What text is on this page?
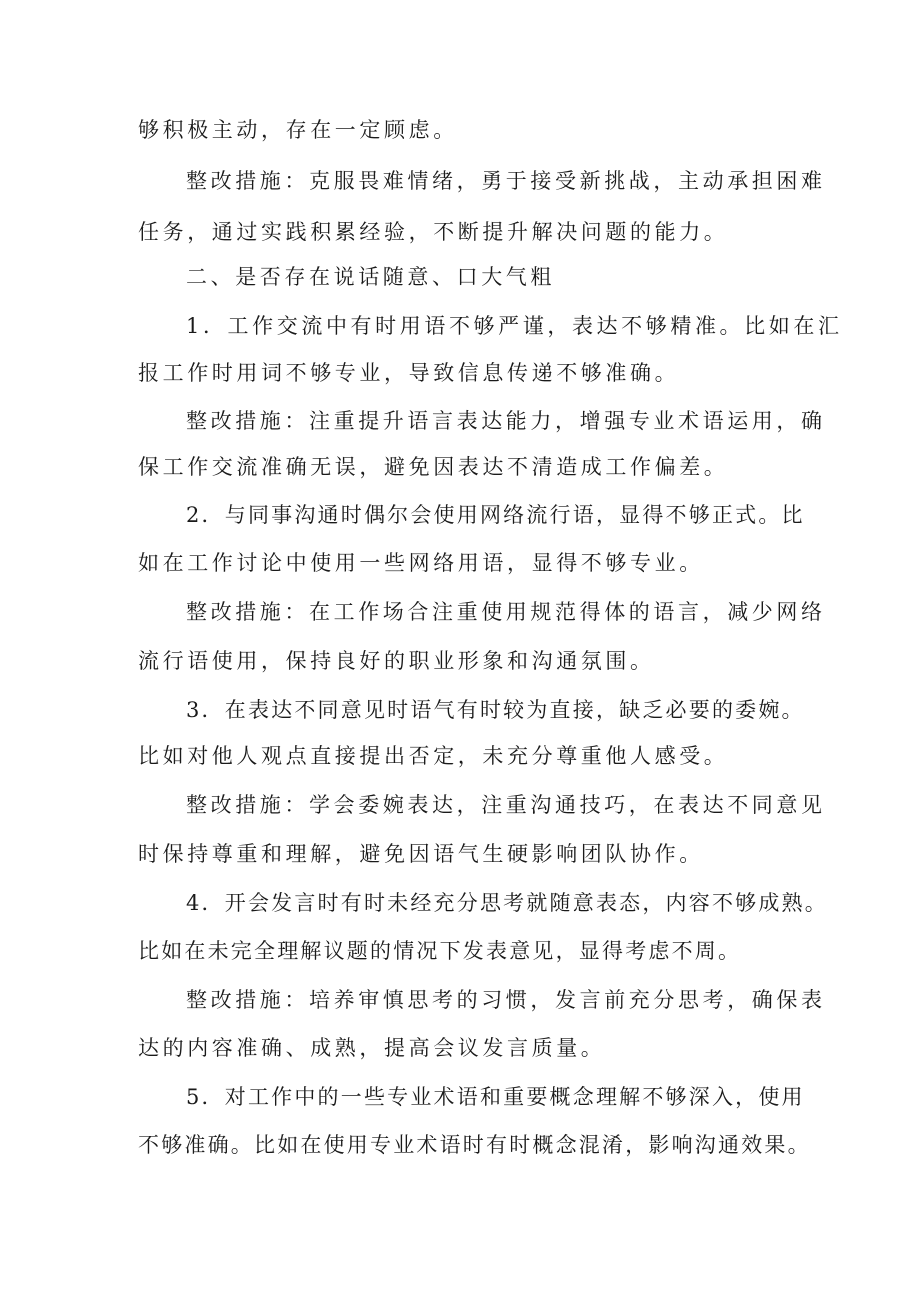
够积极主动，存在一定顾虑。
整改措施：克服畏难情绪，勇于接受新挑战，主动承担困难
任务，通过实践积累经验，不断提升解决问题的能力。
二、是否存在说话随意、口大气粗
1．工作交流中有时用语不够严谨，表达不够精准。比如在汇
报工作时用词不够专业，导致信息传递不够准确。
整改措施：注重提升语言表达能力，增强专业术语运用，确
保工作交流准确无误，避免因表达不清造成工作偏差。
2．与同事沟通时偶尔会使用网络流行语，显得不够正式。比
如在工作讨论中使用一些网络用语，显得不够专业。
整改措施：在工作场合注重使用规范得体的语言，减少网络
流行语使用，保持良好的职业形象和沟通氛围。
3．在表达不同意见时语气有时较为直接，缺乏必要的委婉。
比如对他人观点直接提出否定，未充分尊重他人感受。
整改措施：学会委婉表达，注重沟通技巧，在表达不同意见
时保持尊重和理解，避免因语气生硬影响团队协作。
4．开会发言时有时未经充分思考就随意表态，内容不够成熟。
比如在未完全理解议题的情况下发表意见，显得考虑不周。
整改措施：培养审慎思考的习惯，发言前充分思考，确保表
达的内容准确、成熟，提高会议发言质量。
5．对工作中的一些专业术语和重要概念理解不够深入，使用
不够准确。比如在使用专业术语时有时概念混淆，影响沟通效果。
